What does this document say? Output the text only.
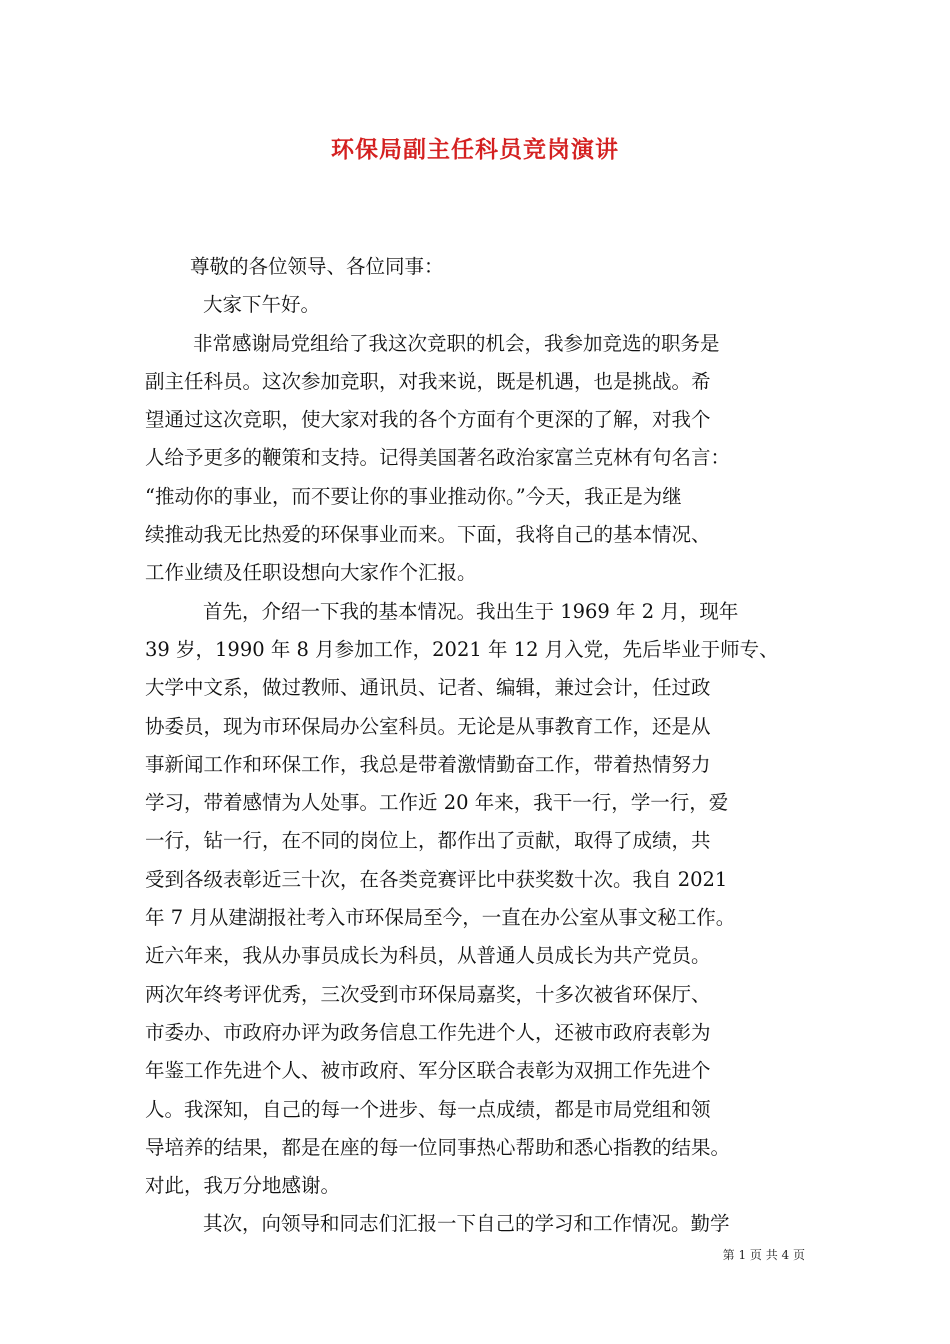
环保局副主任科员竞岗演讲
尊敬的各位领导、各位同事：
大家下午好。
非常感谢局党组给了我这次竞职的机会，我参加竞选的职务是
副主任科员。这次参加竞职，对我来说，既是机遇，也是挑战。希
望通过这次竞职，使大家对我的各个方面有个更深的了解，对我个
人给予更多的鞭策和支持。记得美国著名政治家富兰克林有句名言：
“推动你的事业，而不要让你的事业推动你。”今天，我正是为继
续推动我无比热爱的环保事业而来。下面，我将自己的基本情况、
工作业绩及任职设想向大家作个汇报。
首先，介绍一下我的基本情况。我出生于 1969 年 2 月，现年
39 岁，1990 年 8 月参加工作，2021 年 12 月入党，先后毕业于师专、
大学中文系，做过教师、通讯员、记者、编辑，兼过会计，任过政
协委员，现为市环保局办公室科员。无论是从事教育工作，还是从
事新闻工作和环保工作，我总是带着激情勤奋工作，带着热情努力
学习，带着感情为人处事。工作近 20 年来，我干一行，学一行，爱
一行，钻一行，在不同的岗位上，都作出了贡献，取得了成绩，共
受到各级表彰近三十次，在各类竞赛评比中获奖数十次。我自 2021
年 7 月从建湖报社考入市环保局至今，一直在办公室从事文秘工作。
近六年来，我从办事员成长为科员，从普通人员成长为共产党员。
两次年终考评优秀，三次受到市环保局嘉奖，十多次被省环保厅、
市委办、市政府办评为政务信息工作先进个人，还被市政府表彰为
年鉴工作先进个人、被市政府、军分区联合表彰为双拥工作先进个
人。我深知，自己的每一个进步、每一点成绩，都是市局党组和领
导培养的结果，都是在座的每一位同事热心帮助和悉心指教的结果。
对此，我万分地感谢。
其次，向领导和同志们汇报一下自己的学习和工作情况。勤学
第 1 页 共 4 页
